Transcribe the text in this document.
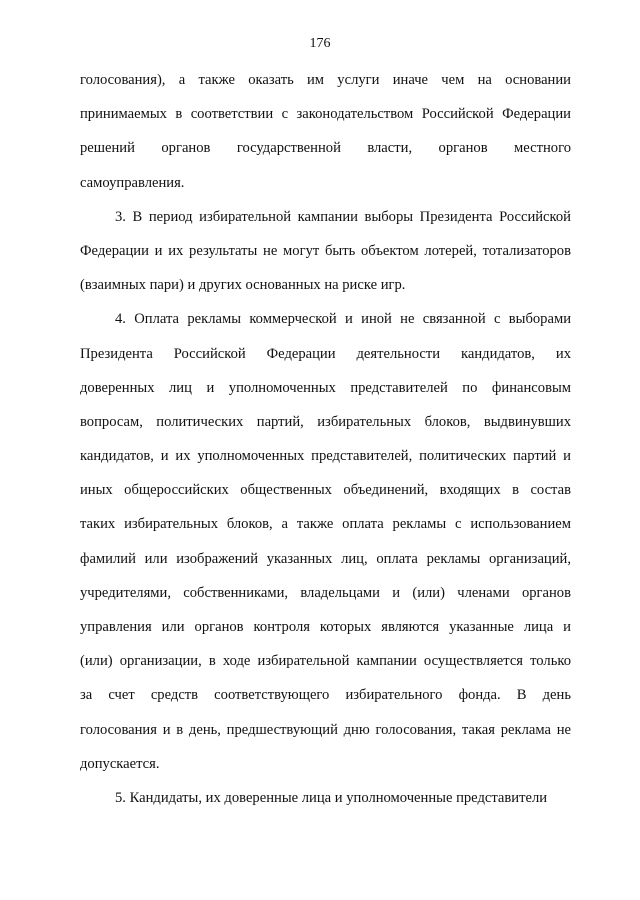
176
голосования), а также оказать им услуги иначе чем на основании
принимаемых в соответствии с законодательством Российской Федерации
решений органов государственной власти, органов местного
самоуправления.
3. В период избирательной кампании выборы Президента Российской
Федерации и их результаты не могут быть объектом лотерей, тотализаторов
(взаимных пари) и других основанных на риске игр.
4. Оплата рекламы коммерческой и иной не связанной с выборами
Президента Российской Федерации деятельности кандидатов, их
доверенных лиц и уполномоченных представителей по финансовым
вопросам, политических партий, избирательных блоков, выдвинувших
кандидатов, и их уполномоченных представителей, политических партий и
иных общероссийских общественных объединений, входящих в состав
таких избирательных блоков, а также оплата рекламы с использованием
фамилий или изображений указанных лиц, оплата рекламы организаций,
учредителями, собственниками, владельцами и (или) членами органов
управления или органов контроля которых являются указанные лица и
(или) организации, в ходе избирательной кампании осуществляется только
за счет средств соответствующего избирательного фонда. В день
голосования и в день, предшествующий дню голосования, такая реклама не
допускается.
5. Кандидаты, их доверенные лица и уполномоченные представители
